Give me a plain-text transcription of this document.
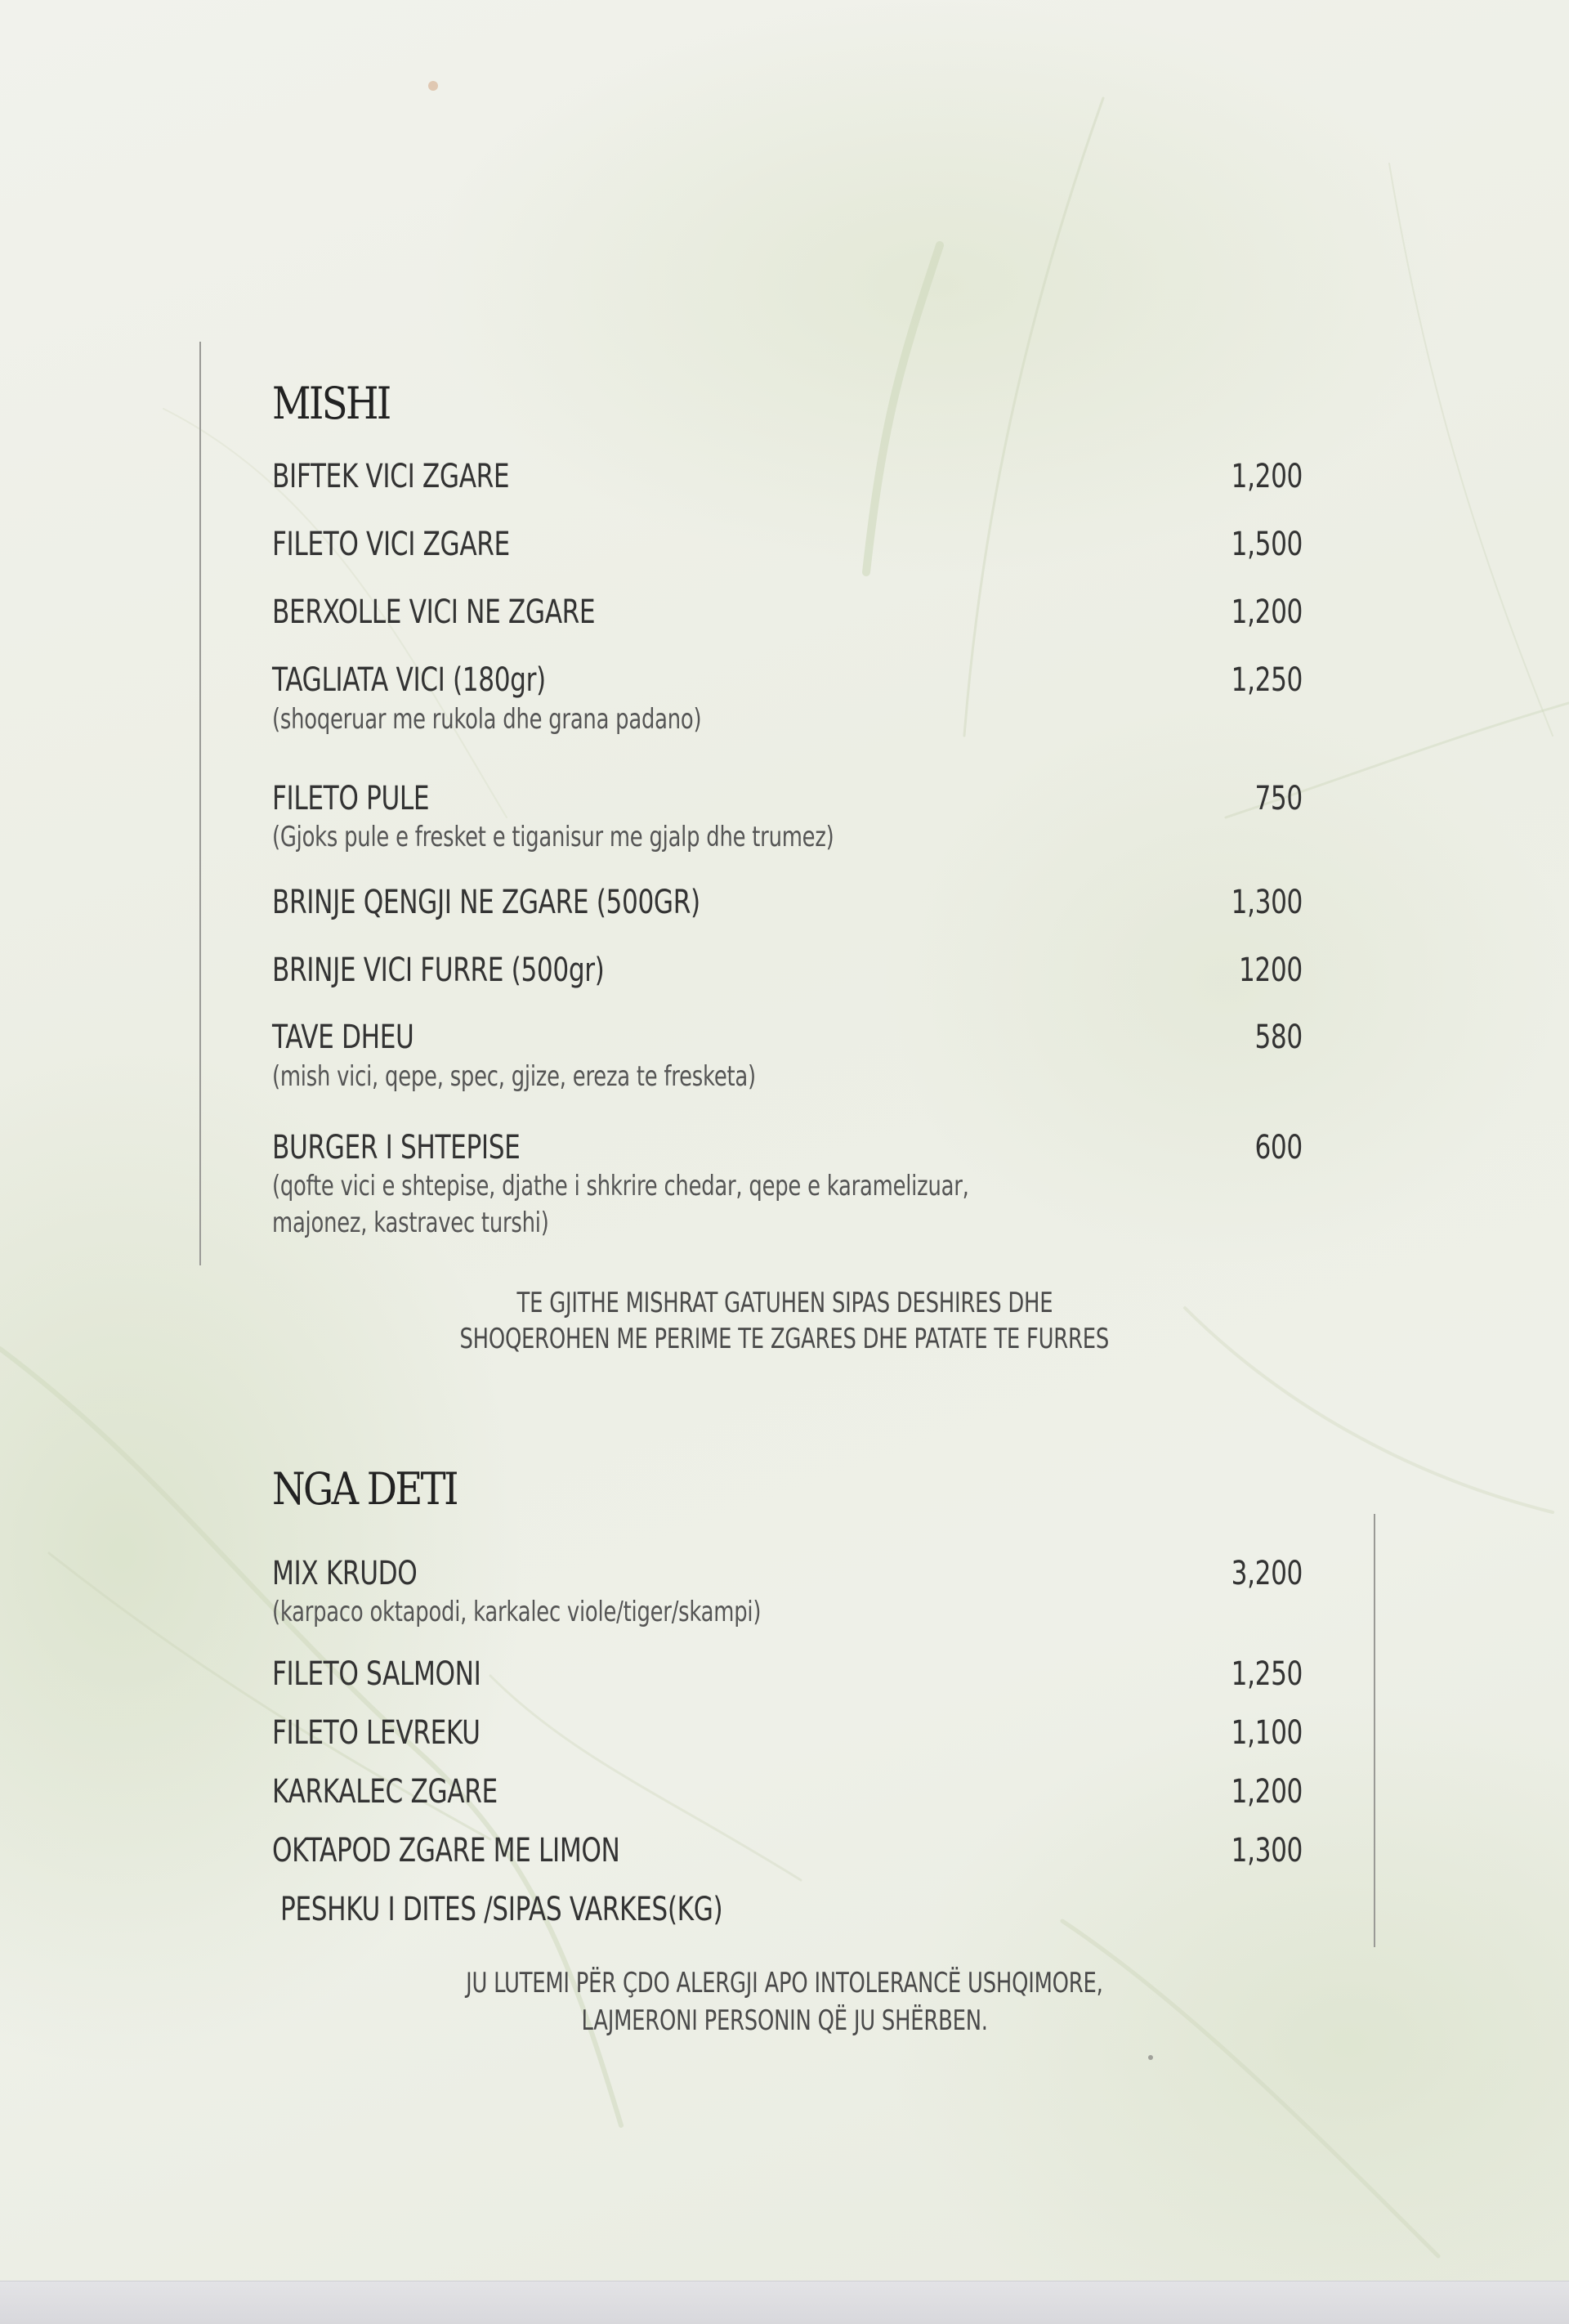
MISHI
BIFTEK VICI ZGARE	1,200
FILETO VICI ZGARE	1,500
BERXOLLE VICI NE ZGARE	1,200
TAGLIATA VICI (180gr)	1,250
(shoqeruar me rukola dhe grana padano)
FILETO PULE	750
(Gjoks pule e fresket e tiganisur me gjalp dhe trumez)
BRINJE QENGJI NE ZGARE (500GR)	1,300
BRINJE VICI FURRE (500gr)	1200
TAVE DHEU	580
(mish vici, qepe, spec, gjize, ereza te fresketa)
BURGER I SHTEPISE	600
(qofte vici e shtepise, djathe i shkrire chedar, qepe e karamelizuar,
majonez, kastravec turshi)
TE GJITHE MISHRAT GATUHEN SIPAS DESHIRES DHE
SHOQEROHEN ME PERIME TE ZGARES DHE PATATE TE FURRES
NGA DETI
MIX KRUDO	3,200
(karpaco oktapodi, karkalec viole/tiger/skampi)
FILETO SALMONI	1,250
FILETO LEVREKU	1,100
KARKALEC ZGARE	1,200
OKTAPOD ZGARE ME LIMON	1,300
PESHKU I DITES /SIPAS VARKES(KG)
JU LUTEMI PËR ÇDO ALERGJI APO INTOLERANCË USHQIMORE,
LAJMERONI PERSONIN QË JU SHËRBEN.
